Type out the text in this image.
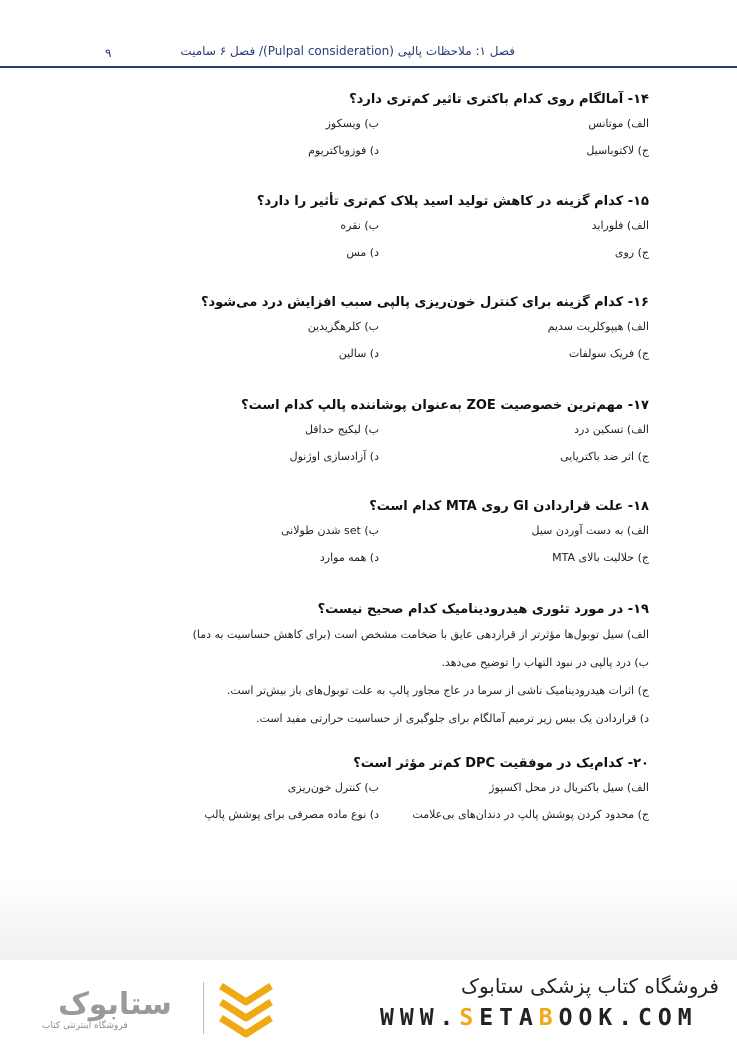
۹	فصل ۱: ملاحظات پالپی (Pulpal consideration)/ فصل ۶ سامیت
۱۴- آمالگام روی کدام باکتری تاثیر کم‌تری دارد؟
الف) موتانس
ب) ویسکوز
ج) لاکتوباسیل
د) فوزوباکتریوم
۱۵- کدام گزینه در کاهش تولید اسید پلاک کم‌تری تأثیر را دارد؟
الف) فلوراید
ب) نقره
ج) روی
د) مس
۱۶- کدام گزینه برای کنترل خون‌ریزی پالپی سبب افزایش درد می‌شود؟
الف) هیپوکلریت سدیم
ب) کلرهگزیدین
ج) فریک سولفات
د) سالین
۱۷- مهم‌ترین خصوصیت ZOE به‌عنوان پوشاننده پالپ کدام است؟
الف) تسکین درد
ب) لیکیج حداقل
ج) اثر ضد باکتریایی
د) آزادسازی اوژنول
۱۸- علت قراردادن GI روی MTA کدام است؟
الف) به دست آوردن سیل
ب) set شدن طولانی
ج) حلالیت بالای MTA
د) همه موارد
۱۹- در مورد تئوری هیدرودینامیک کدام صحیح نیست؟
الف) سیل توبول‌ها مؤثرتر از قراردهی عایق با ضخامت مشخص است (برای کاهش حساسیت به دما)
ب) درد پالپی در نبود التهاب را توضیح می‌دهد.
ج) اثرات هیدرودینامیک ناشی از سرما در عاج مجاور پالپ به علت توبول‌های باز بیش‌تر است.
د) قراردادن یک بیس زیر ترمیم آمالگام برای جلوگیری از حساسیت حرارتی مفید است.
۲۰- کدام‌یک در موفقیت DPC کم‌تر مؤثر است؟
الف) سیل باکتریال در محل اکسپوژ
ب) کنترل خون‌ریزی
ج) محدود کردن پوشش پالپ در دندان‌های بی‌علامت
د) نوع ماده مصرفی برای پوشش پالپ
ستابوک
فروشگاه اینترنتی کتاب
فروشگاه کتاب پزشکی ستابوک
WWW.SETABOOK.COM
